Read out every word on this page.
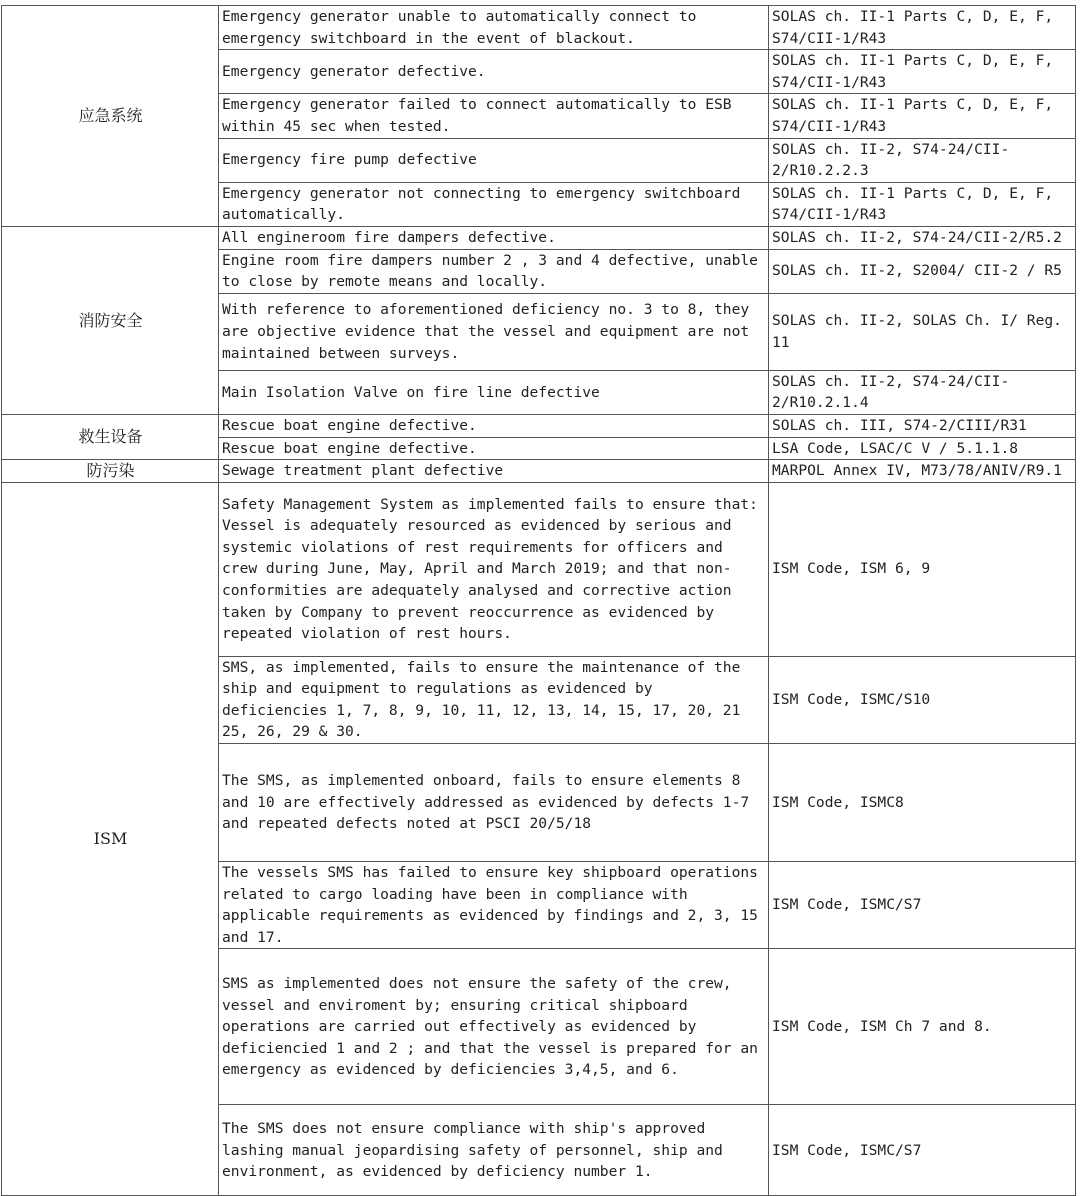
应急系统	Emergency generator unable to automatically connect to emergency switchboard in the event of blackout.	SOLAS ch. II-1 Parts C, D, E, F, S74/CII-1/R43
	Emergency generator defective.	SOLAS ch. II-1 Parts C, D, E, F, S74/CII-1/R43
	Emergency generator failed to connect automatically to ESB within 45 sec when tested.	SOLAS ch. II-1 Parts C, D, E, F, S74/CII-1/R43
	Emergency fire pump defective	SOLAS ch. II-2, S74-24/CII-2/R10.2.2.3
	Emergency generator not connecting to emergency switchboard automatically.	SOLAS ch. II-1 Parts C, D, E, F, S74/CII-1/R43
消防安全	All engineroom fire dampers defective.	SOLAS ch. II-2, S74-24/CII-2/R5.2
	Engine room fire dampers number 2 , 3 and 4 defective, unable to close by remote means and locally.	SOLAS ch. II-2, S2004/ CII-2 / R5
	With reference to aforementioned deficiency no. 3 to 8, they are objective evidence that the vessel and equipment are not maintained between surveys.	SOLAS ch. II-2, SOLAS Ch. I/ Reg. 11
	Main Isolation Valve on fire line defective	SOLAS ch. II-2, S74-24/CII-2/R10.2.1.4
救生设备	Rescue boat engine defective.	SOLAS ch. III, S74-2/CIII/R31
	Rescue boat engine defective.	LSA Code, LSAC/C V / 5.1.1.8
防污染	Sewage treatment plant defective	MARPOL Annex IV, M73/78/ANIV/R9.1
ISM	Safety Management System as implemented fails to ensure that: Vessel is adequately resourced as evidenced by serious and systemic violations of rest requirements for officers and crew during June, May, April and March 2019; and that non-conformities are adequately analysed and corrective action taken by Company to prevent reoccurrence as evidenced by repeated violation of rest hours.	ISM Code, ISM 6, 9
	SMS, as implemented, fails to ensure the maintenance of the ship and equipment to regulations as evidenced by deficiencies 1, 7, 8, 9, 10, 11, 12, 13, 14, 15, 17, 20, 21 25, 26, 29 & 30.	ISM Code, ISMC/S10
	The SMS, as implemented onboard, fails to ensure elements 8 and 10 are effectively addressed as evidenced by defects 1-7 and repeated defects noted at PSCI 20/5/18	ISM Code, ISMC8
	The vessels SMS has failed to ensure key shipboard operations related to cargo loading have been in compliance with applicable requirements as evidenced by findings and 2, 3, 15 and 17.	ISM Code, ISMC/S7
	SMS as implemented does not ensure the safety of the crew, vessel and enviroment by; ensuring critical shipboard operations are carried out effectively as evidenced by deficiencied 1 and 2 ; and that the vessel is prepared for an emergency as evidenced by deficiencies 3,4,5, and 6.	ISM Code, ISM Ch 7 and 8.
	The SMS does not ensure compliance with ship's approved lashing manual jeopardising safety of personnel, ship and environment, as evidenced by deficiency number 1.	ISM Code, ISMC/S7
